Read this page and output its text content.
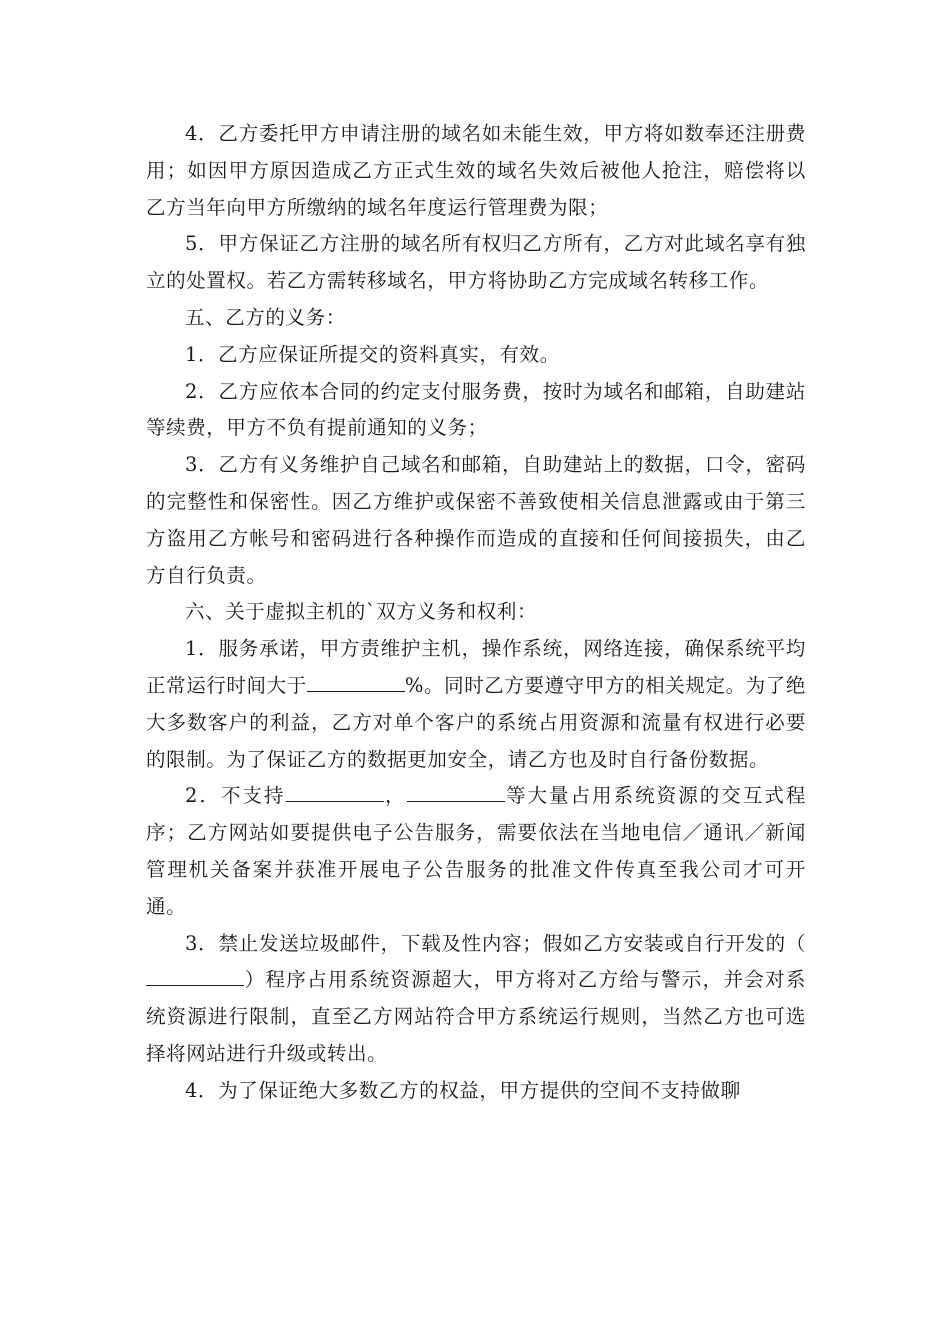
4．乙方委托甲方申请注册的域名如未能生效，甲方将如数奉还注册费用；如因甲方原因造成乙方正式生效的域名失效后被他人抢注，赔偿将以乙方当年向甲方所缴纳的域名年度运行管理费为限；

5．甲方保证乙方注册的域名所有权归乙方所有，乙方对此域名享有独立的处置权。若乙方需转移域名，甲方将协助乙方完成域名转移工作。

五、乙方的义务：

1．乙方应保证所提交的资料真实，有效。

2．乙方应依本合同的约定支付服务费，按时为域名和邮箱，自助建站等续费，甲方不负有提前通知的义务；

3．乙方有义务维护自己域名和邮箱，自助建站上的数据，口令，密码的完整性和保密性。因乙方维护或保密不善致使相关信息泄露或由于第三方盗用乙方帐号和密码进行各种操作而造成的直接和任何间接损失，由乙方自行负责。

六、关于虚拟主机的`双方义务和权利：

1．服务承诺，甲方责维护主机，操作系统，网络连接，确保系统平均正常运行时间大于	%。同时乙方要遵守甲方的相关规定。为了绝大多数客户的利益，乙方对单个客户的系统占用资源和流量有权进行必要的限制。为了保证乙方的数据更加安全，请乙方也及时自行备份数据。

2．不支持	，	等大量占用系统资源的交互式程序；乙方网站如要提供电子公告服务，需要依法在当地电信／通讯／新闻管理机关备案并获准开展电子公告服务的批准文件传真至我公司才可开通。

3．禁止发送垃圾邮件，下载及性内容；假如乙方安装或自行开发的（）程序占用系统资源超大，甲方将对乙方给与警示，并会对系统资源进行限制，直至乙方网站符合甲方系统运行规则，当然乙方也可选择将网站进行升级或转出。

4．为了保证绝大多数乙方的权益，甲方提供的空间不支持做聊
